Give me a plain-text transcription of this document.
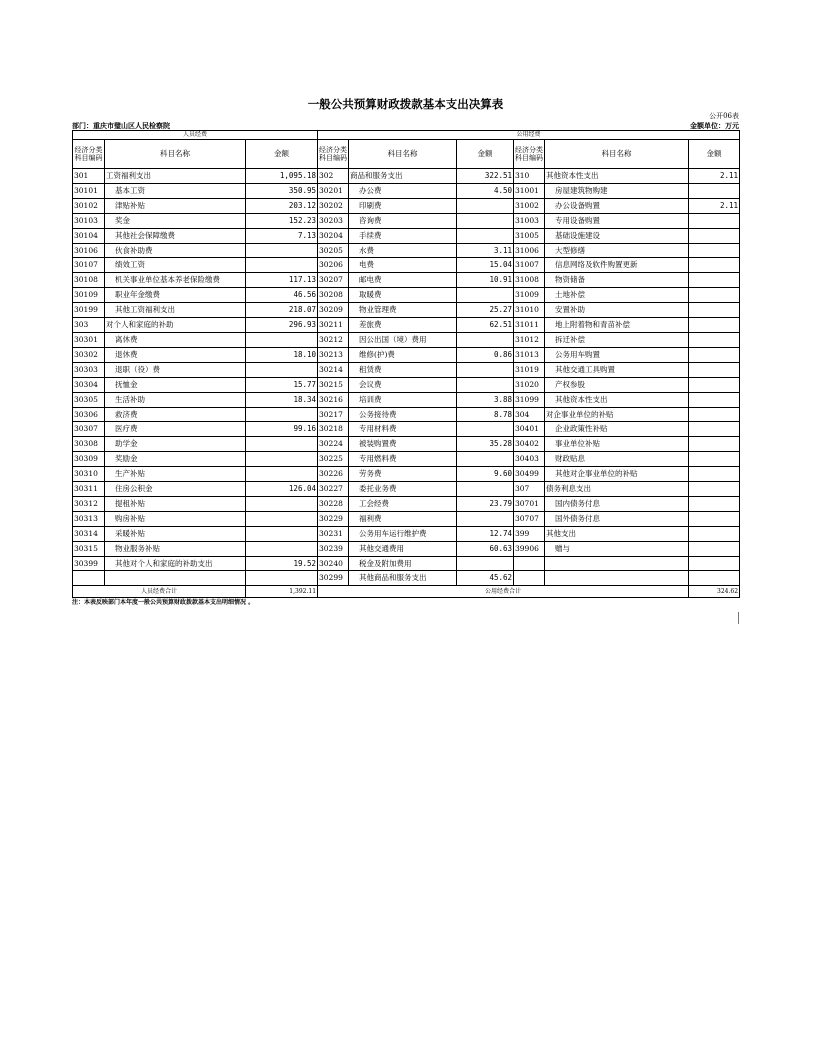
一般公共预算财政拨款基本支出决算表
公开06表
部门：重庆市璧山区人民检察院	金额单位：万元
人员经费			公用经费					
经济分类科目编码	科目名称	金额	经济分类科目编码	科目名称	金额	经济分类科目编码	科目名称	金额
301	工资福利支出	1,095.18	302	商品和服务支出	322.51	310	其他资本性支出	2.11
30101	基本工资	350.95	30201	办公费	4.50	31001	房屋建筑物购建	
30102	津贴补贴	203.12	30202	印刷费		31002	办公设备购置	2.11
30103	奖金	152.23	30203	咨询费		31003	专用设备购置	
30104	其他社会保障缴费	7.13	30204	手续费		31005	基础设施建设	
30106	伙食补助费		30205	水费	3.11	31006	大型修缮	
30107	绩效工资		30206	电费	15.04	31007	信息网络及软件购置更新	
30108	机关事业单位基本养老保险缴费	117.13	30207	邮电费	10.91	31008	物资储备	
30109	职业年金缴费	46.56	30208	取暖费		31009	土地补偿	
30199	其他工资福利支出	218.07	30209	物业管理费	25.27	31010	安置补助	
303	对个人和家庭的补助	296.93	30211	差旅费	62.51	31011	地上附着物和青苗补偿	
30301	离休费		30212	因公出国（境）费用		31012	拆迁补偿	
30302	退休费	18.10	30213	维修(护)费	0.86	31013	公务用车购置	
30303	退职（役）费		30214	租赁费		31019	其他交通工具购置	
30304	抚恤金	15.77	30215	会议费		31020	产权参股	
30305	生活补助	18.34	30216	培训费	3.88	31099	其他资本性支出	
30306	救济费		30217	公务接待费	8.78	304	对企事业单位的补贴	
30307	医疗费	99.16	30218	专用材料费		30401	企业政策性补贴	
30308	助学金		30224	被装购置费	35.28	30402	事业单位补贴	
30309	奖励金		30225	专用燃料费		30403	财政贴息	
30310	生产补贴		30226	劳务费	9.60	30499	其他对企事业单位的补贴	
30311	住房公积金	126.04	30227	委托业务费		307	债务利息支出	
30312	提租补贴		30228	工会经费	23.79	30701	国内债务付息	
30313	购房补贴		30229	福利费		30707	国外债务付息	
30314	采暖补贴		30231	公务用车运行维护费	12.74	399	其他支出	
30315	物业服务补贴		30239	其他交通费用	60.63	39906	赠与	
30399	其他对个人和家庭的补助支出	19.52	30240	税金及附加费用				
			30299	其他商品和服务支出	45.62			
人员经费合计		1,392.11	公用经费合计					324.62
注：本表反映部门本年度一般公共预算财政拨款基本支出明细情况 。
